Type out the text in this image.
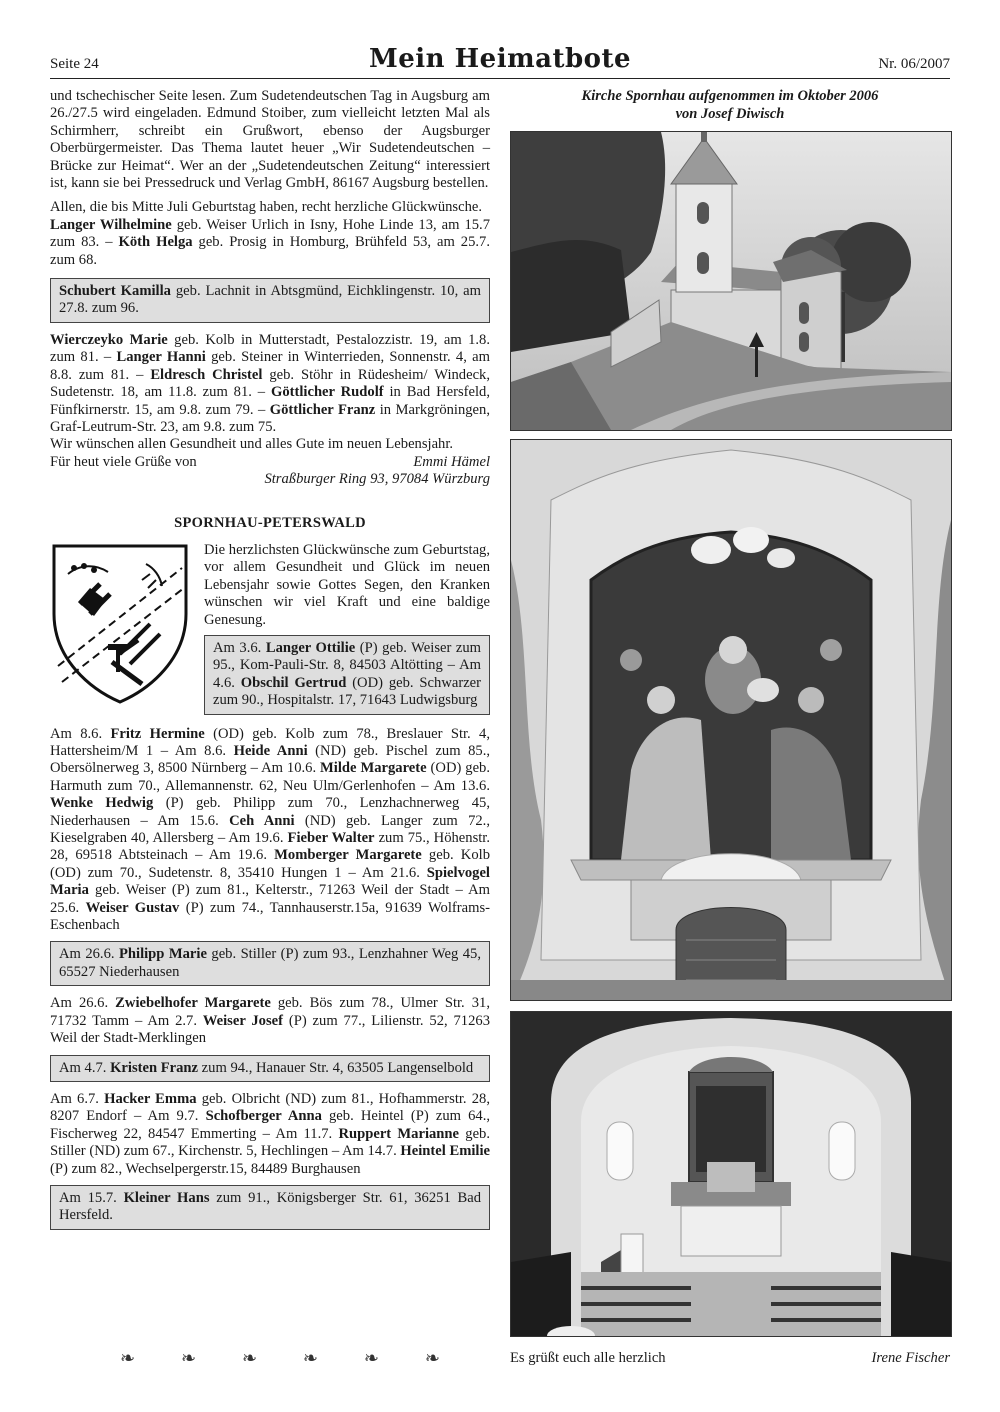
Seite 24	Mein Heimatbote	Nr. 06/2007

und tschechischer Seite lesen. Zum Sudetendeutschen Tag in Augsburg am 26./27.5 wird eingeladen. Edmund Stoiber, zum vielleicht letzten Mal als Schirmherr, schreibt ein Grußwort, ebenso der Augsburger Oberbürgermeister. Das Thema lautet heuer „Wir Sudetendeutschen – Brücke zur Heimat“. Wer an der „Sudetendeutschen Zeitung“ interessiert ist, kann sie bei Pressedruck und Verlag GmbH, 86167 Augsburg bestellen.

Allen, die bis Mitte Juli Geburtstag haben, recht herzliche Glückwünsche.
Langer Wilhelmine geb. Weiser Urlich in Isny, Hohe Linde 13, am 15.7 zum 83. – Köth Helga geb. Prosig in Homburg, Brühfeld 53, am 25.7. zum 68.

Schubert Kamilla geb. Lachnit in Abtsgmünd, Eichklingenstr. 10, am 27.8. zum 96.

Wierczeyko Marie geb. Kolb in Mutterstadt, Pestalozzistr. 19, am 1.8. zum 81. – Langer Hanni geb. Steiner in Winterrieden, Sonnenstr. 4, am 8.8. zum 81. – Eldresch Christel geb. Stöhr in Rüdesheim/ Windeck, Sudetenstr. 18, am 11.8. zum 81. – Göttlicher Rudolf in Bad Hersfeld, Fünfkirnerstr. 15, am 9.8. zum 79. – Göttlicher Franz in Markgröningen, Graf-Leutrum-Str. 23, am 9.8. zum 75.
Wir wünschen allen Gesundheit und alles Gute im neuen Lebensjahr.

Für heut viele Grüße von	Emmi Hämel
Straßburger Ring 93, 97084 Würzburg
SPORNHAU-PETERSWALD
Die herzlichsten Glückwünsche zum Geburtstag, vor allem Gesundheit und Glück im neuen Lebensjahr sowie Gottes Segen, den Kranken wünschen wir viel Kraft und eine baldige Genesung.
Am 3.6. Langer Ottilie (P) geb. Weiser zum 95., Kom-Pauli-Str. 8, 84503 Altötting – Am 4.6. Obschil Gertrud (OD) geb. Schwarzer zum 90., Hospitalstr. 17, 71643 Ludwigsburg

Am 8.6. Fritz Hermine (OD) geb. Kolb zum 78., Breslauer Str. 4, Hattersheim/M 1 – Am 8.6. Heide Anni (ND) geb. Pischel zum 85., Obersölnerweg 3, 8500 Nürnberg – Am 10.6. Milde Margarete (OD) geb. Harmuth zum 70., Allemannenstr. 62, Neu Ulm/Gerlenhofen – Am 13.6. Wenke Hedwig (P) geb. Philipp zum 70., Lenzhachnerweg 45, Niederhausen – Am 15.6. Ceh Anni (ND) geb. Langer zum 72., Kieselgraben 40, Allersberg – Am 19.6. Fieber Walter zum 75., Höhenstr. 28, 69518 Abtsteinach – Am 19.6. Momberger Margarete geb. Kolb (OD) zum 70., Sudetenstr. 8, 35410 Hungen 1 – Am 21.6. Spielvogel Maria geb. Weiser (P) zum 81., Kelterstr., 71263 Weil der Stadt – Am 25.6. Weiser Gustav (P) zum 74., Tannhauserstr.15a, 91639 Wolframs-Eschenbach

Am 26.6. Philipp Marie geb. Stiller (P) zum 93., Lenzhahner Weg 45, 65527 Niederhausen

Am 26.6. Zwiebelhofer Margarete geb. Bös zum 78., Ulmer Str. 31, 71732 Tamm – Am 2.7. Weiser Josef (P) zum 77., Lilienstr. 52, 71263 Weil der Stadt-Merklingen

Am 4.7. Kristen Franz zum 94., Hanauer Str. 4, 63505 Langenselbold

Am 6.7. Hacker Emma geb. Olbricht (ND) zum 81., Hofhammerstr. 28, 8207 Endorf – Am 9.7. Schofberger Anna geb. Heintel (P) zum 64., Fischerweg 22, 84547 Emmerting – Am 11.7. Ruppert Marianne geb. Stiller (ND) zum 67., Kirchenstr. 5, Hechlingen – Am 14.7. Heintel Emilie (P) zum 82., Wechselpergerstr.15, 84489 Burghausen

Am 15.7. Kleiner Hans zum 91., Königsberger Str. 61, 36251 Bad Hersfeld.
❧	❧	❧	❧	❧	❧
Kirche Spornhau aufgenommen im Oktober 2006
von Josef Diwisch
Es grüßt euch alle herzlich	Irene Fischer
